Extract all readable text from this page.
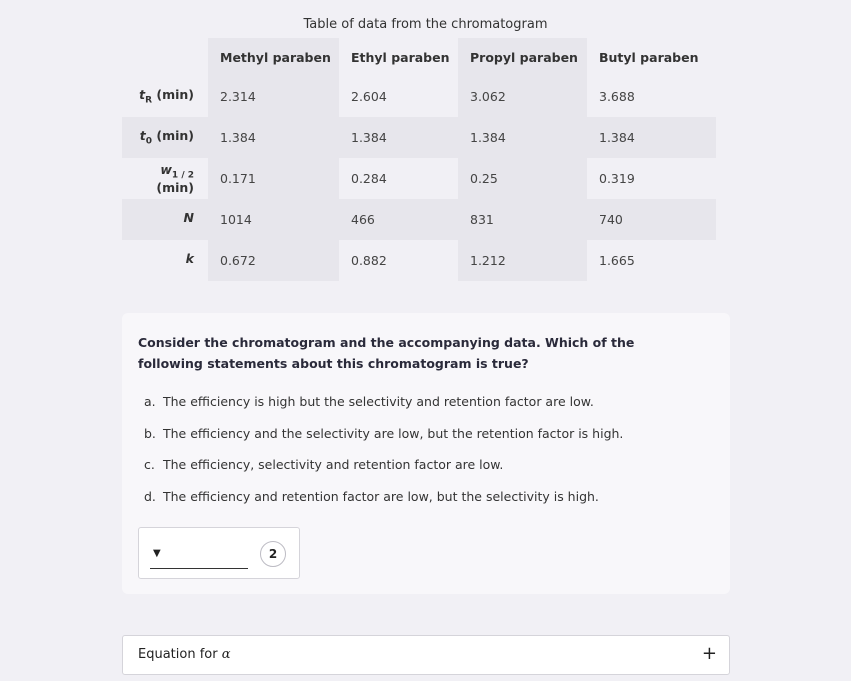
Table of data from the chromatogram
	Methyl paraben	Ethyl paraben	Propyl paraben	Butyl paraben
$t_R$ (min)	2.314	2.604	3.062	3.688
$t_0$ (min)	1.384	1.384	1.384	1.384
$w_{1 / 2}$ (min)	0.171	0.284	0.25	0.319
N	1014	466	831	740
k	0.672	0.882	1.212	1.665
Consider the chromatogram and the accompanying data. Which of the following statements about this chromatogram is true?
a. The efficiency is high but the selectivity and retention factor are low.
b. The efficiency and the selectivity are low, but the retention factor is high.
c. The efficiency, selectivity and retention factor are low.
d. The efficiency and retention factor are low, but the selectivity is high.
▼	2
Equation for α	+
